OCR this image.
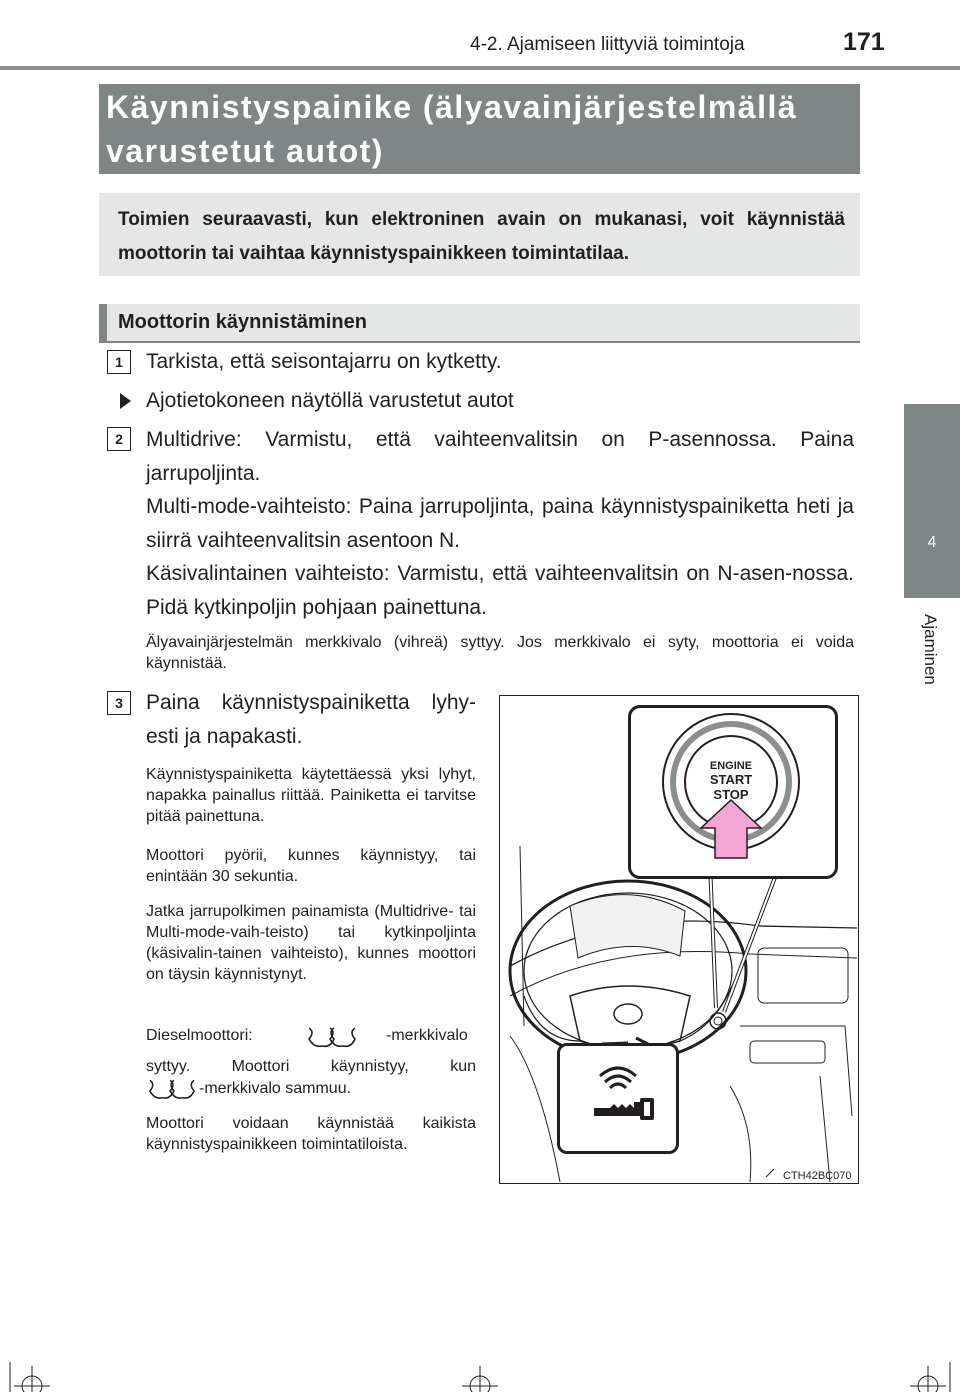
4-2. Ajamiseen liittyviä toimintoja	171
4
Ajaminen
Käynnistyspainike (älyavainjärjestelmällä varustetut autot)
Toimien seuraavasti, kun elektroninen avain on mukanasi, voit käynnistää moottorin tai vaihtaa käynnistyspainikkeen toimintatilaa.
Moottorin käynnistäminen
1	Tarkista, että seisontajarru on kytketty.
Ajotietokoneen näytöllä varustetut autot
2	Multidrive: Varmistu, että vaihteenvalitsin on P-asennossa. Paina jarrupoljinta.
Multi-mode-vaihteisto: Paina jarrupoljinta, paina käynnistyspainiketta heti ja siirrä vaihteenvalitsin asentoon N.
Käsivalintainen vaihteisto: Varmistu, että vaihteenvalitsin on N-asen-nossa. Pidä kytkinpoljin pohjaan painettuna.
Älyavainjärjestelmän merkkivalo (vihreä) syttyy. Jos merkkivalo ei syty, moottoria ei voida käynnistää.
3	Paina käynnistyspainiketta lyhy-esti ja napakasti.
Käynnistyspainiketta käytettäessä yksi lyhyt, napakka painallus riittää. Painiketta ei tarvitse pitää painettuna.
Moottori pyörii, kunnes käynnistyy, tai enintään 30 sekuntia.
Jatka jarrupolkimen painamista (Multidrive- tai Multi-mode-vaih-teisto) tai kytkinpoljinta (käsivalin-tainen vaihteisto), kunnes moottori on täysin käynnistynyt.
Dieselmoottori:	-merkkivalo
syttyy. Moottori käynnistyy, kun
-merkkivalo sammuu.
Moottori voidaan käynnistää kaikista käynnistyspainikkeen toimintatiloista.
ENGINE
START
STOP
CTH42BC070
